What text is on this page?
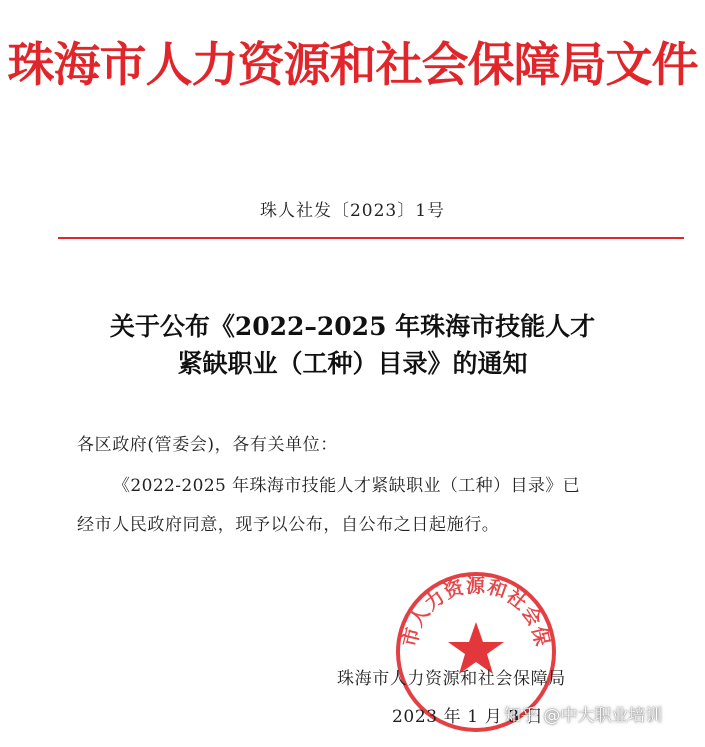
珠海市人力资源和社会保障局文件
珠人社发〔2023〕1号
关于公布《2022–2025 年珠海市技能人才
紧缺职业（工种）目录》的通知
各区政府(管委会)，各有关单位：
《2022-2025 年珠海市技能人才紧缺职业（工种）目录》已
经市人民政府同意，现予以公布，自公布之日起施行。
市人力资源和社会保
珠海市人力资源和社会保障局
2023 年 1 月 3 日
知乎 @中大职业培训
